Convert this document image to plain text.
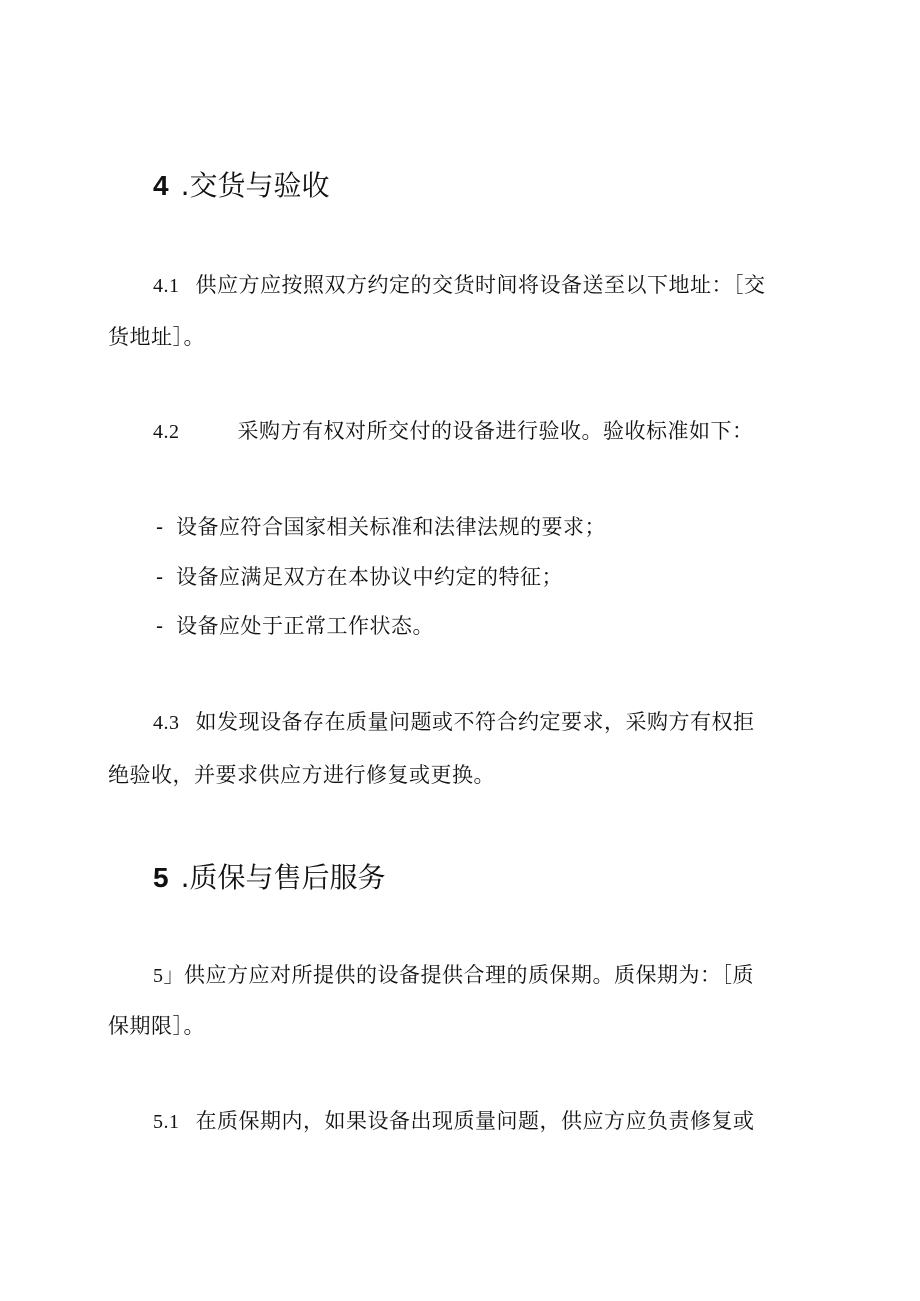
4 .交货与验收
4.1 供应方应按照双方约定的交货时间将设备送至以下地址：［交
货地址］。
4.2	采购方有权对所交付的设备进行验收。验收标准如下：
- 设备应符合国家相关标准和法律法规的要求；
- 设备应满足双方在本协议中约定的特征；
- 设备应处于正常工作状态。
4.3 如发现设备存在质量问题或不符合约定要求，采购方有权拒
绝验收，并要求供应方进行修复或更换。
5 .质保与售后服务
5」供应方应对所提供的设备提供合理的质保期。质保期为：［质
保期限］。
5.1 在质保期内，如果设备出现质量问题，供应方应负责修复或
